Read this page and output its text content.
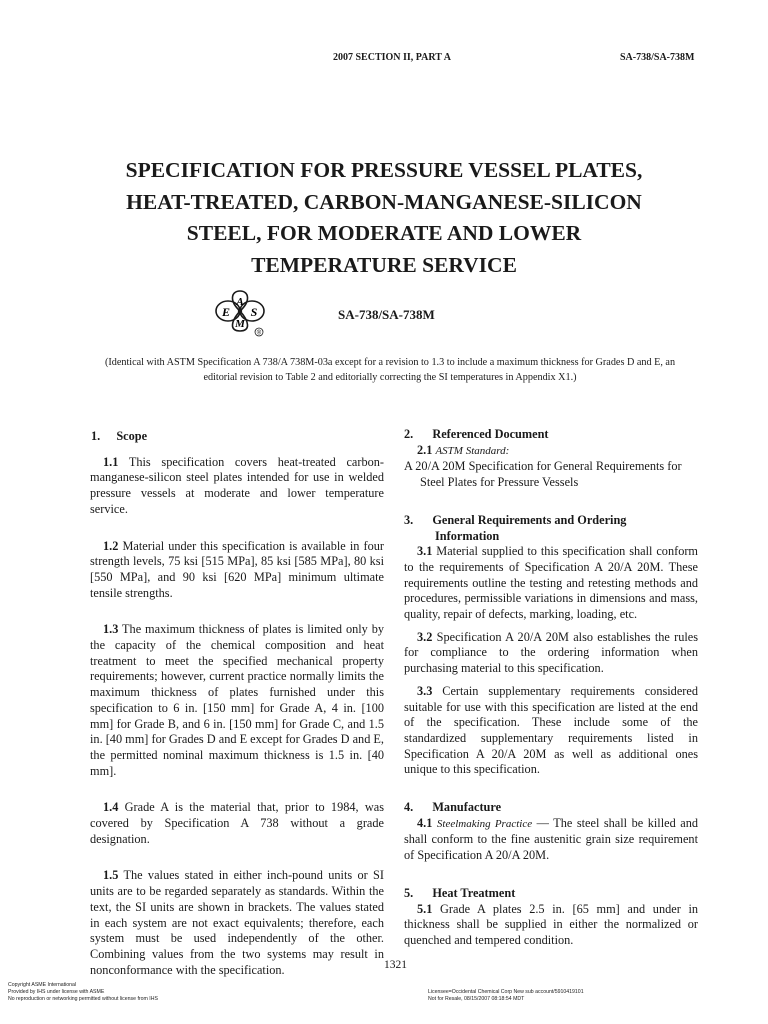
2007 SECTION II, PART A	SA-738/SA-738M
SPECIFICATION FOR PRESSURE VESSEL PLATES,
HEAT-TREATED, CARBON-MANGANESE-SILICON
STEEL, FOR MODERATE AND LOWER
TEMPERATURE SERVICE
A
E S
M
®
SA-738/SA-738M
(Identical with ASTM Specification A 738/A 738M-03a except for a revision to 1.3 to include a maximum thickness for Grades D and E, an editorial revision to Table 2 and editorially correcting the SI temperatures in Appendix X1.)
1. Scope

1.1 This specification covers heat-treated carbon-manganese-silicon steel plates intended for use in welded pressure vessels at moderate and lower temperature service.

1.2 Material under this specification is available in four strength levels, 75 ksi [515 MPa], 85 ksi [585 MPa], 80 ksi [550 MPa], and 90 ksi [620 MPa] minimum ultimate tensile strengths.

1.3 The maximum thickness of plates is limited only by the capacity of the chemical composition and heat treatment to meet the specified mechanical property requirements; however, current practice normally limits the maximum thickness of plates furnished under this specification to 6 in. [150 mm] for Grade A, 4 in. [100 mm] for Grade B, and 6 in. [150 mm] for Grade C, and 1.5 in. [40 mm] for Grades D and E except for Grades D and E, the permitted nominal maximum thickness is 1.5 in. [40 mm].

1.4 Grade A is the material that, prior to 1984, was covered by Specification A 738 without a grade designation.

1.5 The values stated in either inch-pound units or SI units are to be regarded separately as standards. Within the text, the SI units are shown in brackets. The values stated in each system are not exact equivalents; therefore, each system must be used independently of the other. Combining values from the two systems may result in nonconformance with the specification.

2. Referenced Document

2.1 ASTM Standard:

A 20/A 20M Specification for General Requirements for Steel Plates for Pressure Vessels

3. General Requirements and Ordering
Information

3.1 Material supplied to this specification shall conform to the requirements of Specification A 20/A 20M. These requirements outline the testing and retesting methods and procedures, permissible variations in dimensions and mass, quality, repair of defects, marking, loading, etc.

3.2 Specification A 20/A 20M also establishes the rules for compliance to the ordering information when purchasing material to this specification.

3.3 Certain supplementary requirements considered suitable for use with this specification are listed at the end of the specification. These include some of the standardized supplementary requirements listed in Specification A 20/A 20M as well as additional ones unique to this specification.

4. Manufacture

4.1 Steelmaking Practice — The steel shall be killed and shall conform to the fine austenitic grain size requirement of Specification A 20/A 20M.

5. Heat Treatment

5.1 Grade A plates 2.5 in. [65 mm] and under in thickness shall be supplied in either the normalized or quenched and tempered condition.

1321
Copyright ASME International
Provided by IHS under license with ASME
No reproduction or networking permitted without license from IHS
Licensee=Occidental Chemical Corp New sub account/5910419101
Not for Resale, 08/15/2007 08:18:54 MDT
